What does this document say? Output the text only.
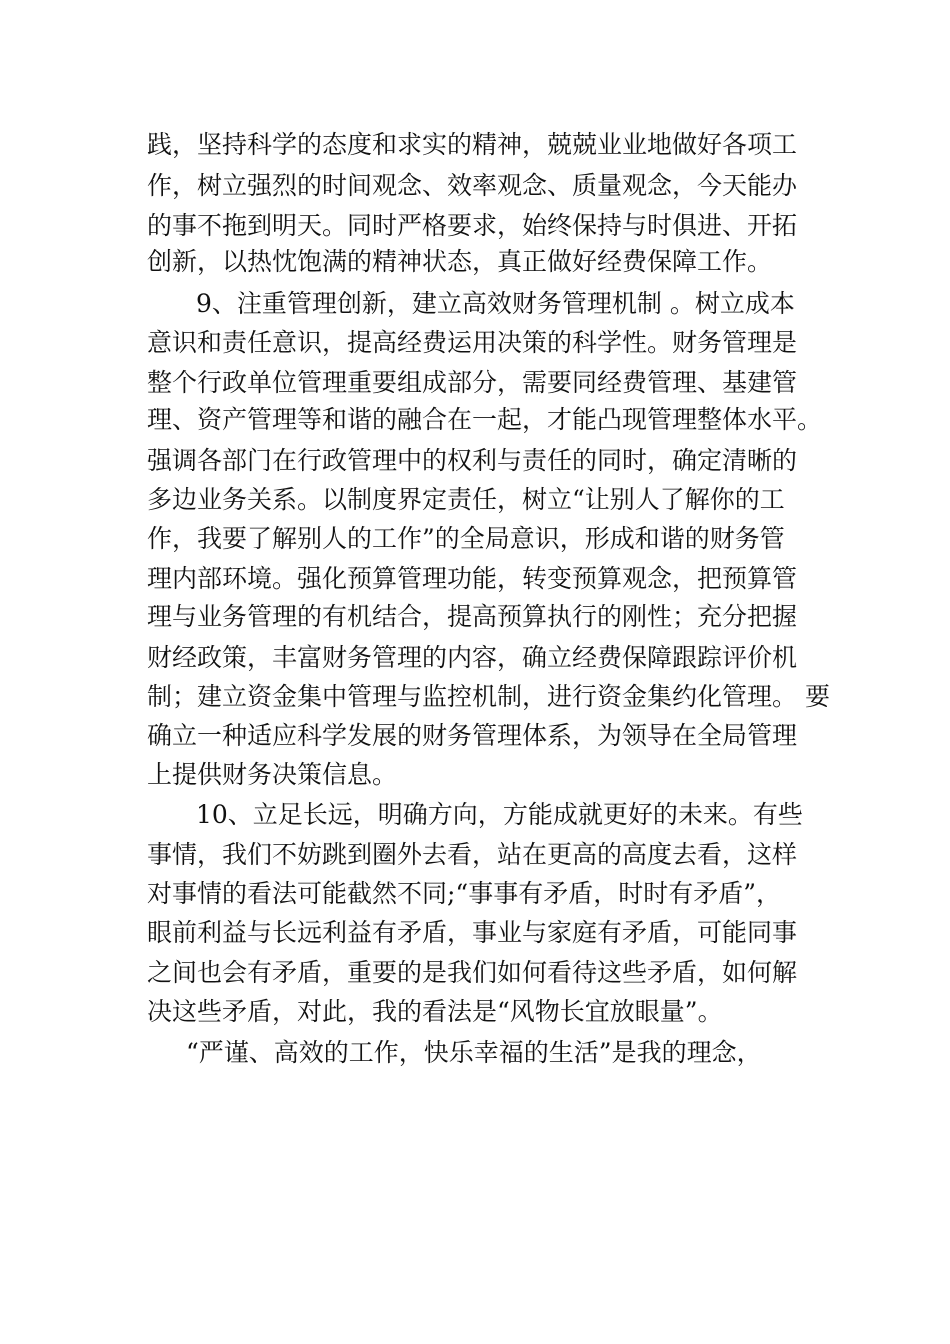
践，坚持科学的态度和求实的精神，兢兢业业地做好各项工
作，树立强烈的时间观念、效率观念、质量观念，今天能办
的事不拖到明天。同时严格要求，始终保持与时俱进、开拓
创新，以热忱饱满的精神状态，真正做好经费保障工作。
9、注重管理创新，建立高效财务管理机制 。树立成本
意识和责任意识，提高经费运用决策的科学性。财务管理是
整个行政单位管理重要组成部分，需要同经费管理、基建管
理、资产管理等和谐的融合在一起，才能凸现管理整体水平。
强调各部门在行政管理中的权利与责任的同时，确定清晰的
多边业务关系。以制度界定责任，树立“让别人了解你的工
作，我要了解别人的工作”的全局意识，形成和谐的财务管
理内部环境。强化预算管理功能，转变预算观念，把预算管
理与业务管理的有机结合，提高预算执行的刚性；充分把握
财经政策，丰富财务管理的内容，确立经费保障跟踪评价机
制；建立资金集中管理与监控机制，进行资金集约化管理。 要
确立一种适应科学发展的财务管理体系，为领导在全局管理
上提供财务决策信息。
10、立足长远，明确方向，方能成就更好的未来。有些
事情，我们不妨跳到圈外去看，站在更高的高度去看，这样
对事情的看法可能截然不同;“事事有矛盾，时时有矛盾”，
眼前利益与长远利益有矛盾，事业与家庭有矛盾，可能同事
之间也会有矛盾，重要的是我们如何看待这些矛盾，如何解
决这些矛盾，对此，我的看法是“风物长宜放眼量”。
“严谨、高效的工作，快乐幸福的生活”是我的理念，
